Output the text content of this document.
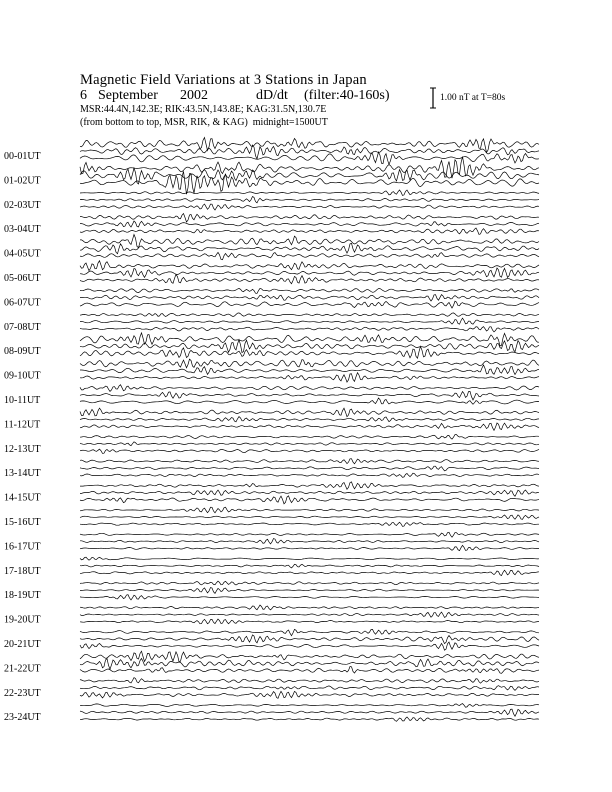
Magnetic Field Variations at 3 Stations in Japan
6 September 2002	dD/dt (filter:40-160s)
MSR:44.4N,142.3E; RIK:43.5N,143.8E; KAG:31.5N,130.7E
(from bottom to top, MSR, RIK, & KAG) midnight=1500UT
1.00 nT at T=80s
00-01UT
01-02UT
02-03UT
03-04UT
04-05UT
05-06UT
06-07UT
07-08UT
08-09UT
09-10UT
10-11UT
11-12UT
12-13UT
13-14UT
14-15UT
15-16UT
16-17UT
17-18UT
18-19UT
19-20UT
20-21UT
21-22UT
22-23UT
23-24UT
